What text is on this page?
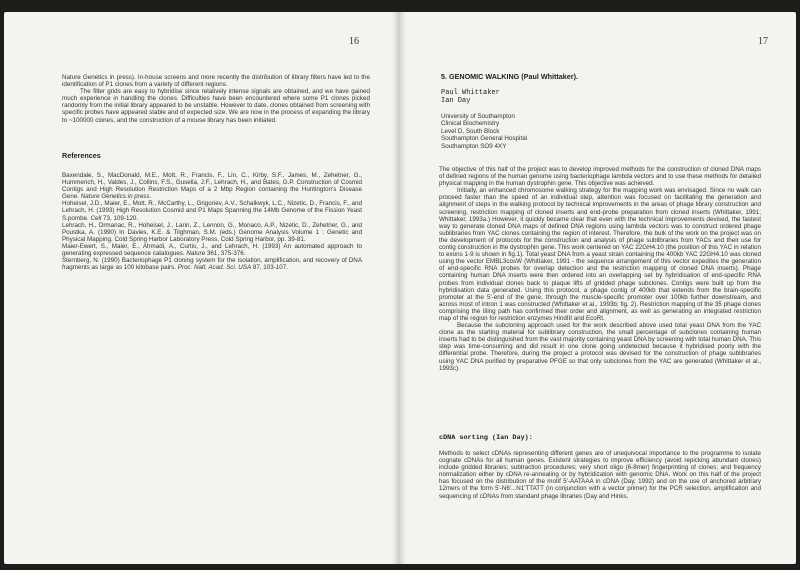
16

Nature Genetics in press). In-house screens and more recently the distribution of library filters have led to the identification of P1 clones from a variety of different regions.

The filter grids are easy to hybridise since relatively intense signals are obtained, and we have gained much experience in handling the clones. Difficulties have been encountered where some P1 clones picked randomly from the initial library appeared to be unstable. However to date, clones obtained from screening with specific probes have appeared stable and of expected size. We are now in the process of expanding the library to ~100000 clones, and the construction of a mouse library has been initiated.

References

Baxendale, S., MacDonald, M.E., Mott, R., Francis, F., Lin, C., Kirby, S.F., James, M., Zehetner, G., Hummerich, H., Valdes, J., Collins, F.S., Gusella, J.F., Lehrach, H., and Bates, G.P. Construction of Cosmid Contigs and High Resolution Restriction Maps of a 2 Mbp Region containing the Huntington's Disease Gene. Nature Genetics in press.

Hoheisel, J.D., Maier, E., Mott, R., McCarthy, L., Grigoriev, A.V., Schalkwyk, L.C., Nizetic, D., Francis, F., and Lehrach, H. (1993) High Resolution Cosmid and P1 Maps Spanning the 14Mb Genome of the Fission Yeast S.pombe. Cell 73, 109-120.

Lehrach, H., Drmanac, R., Hoheisel, J., Larin, Z., Lennon, G., Monaco, A.P., Nizetic, D., Zehetner, G., and Poustka, A. (1990) In Davies, K.E. & Tilghman, S.M. (eds.) Genome Analysis Volume 1 : Genetic and Physical Mapping. Cold Spring Harbor Laboratory Press, Cold Spring Harbor, pp. 39-81.

Maier-Ewert, S., Maier, E., Ahmadi, A., Curtis, J., and Lehrach, H. (1993) An automated approach to generating expressed sequence catalogues. Nature 361, 375-376.

Sternberg, N. (1990) Bacteriophage P1 cloning system for the isolation, amplification, and recovery of DNA fragments as large as 100 kilobase pairs. Proc. Natl. Acad. Sci. USA 87, 103-107.

17
5. GENOMIC WALKING (Paul Whittaker).
Paul Whittaker
Ian Day
University of Southampton
Clinical Biochemistry
Level D, South Block
Southampton General Hospital
Southampton SO9 4XY

The objective of this half of the project was to develop improved methods for the construction of cloned DNA maps of defined regions of the human genome using bacteriophage lambda vectors and to use these methods for detailed physical mapping in the human dystrophin gene. This objective was achieved.

Initially, an enhanced chromosome walking strategy for the mapping work was envisaged. Since no walk can proceed faster than the speed of an individual step, attention was focused on facilitating the generation and alignment of steps in the walking protocol by technical improvements in the areas of phage library construction and screening, restriction mapping of cloned inserts and end-probe preparation from cloned inserts (Whittaker, 1991; Whittaker, 1993a.) However, it quickly became clear that even with the technical improvements devised, the fastest way to generate cloned DNA maps of defined DNA regions using lambda vectors was to construct ordered phage sublibraries from YAC clones containing the region of interest. Therefore, the bulk of the work on the project was on the development of protocols for the construction and analysis of phage sublibraries from YACs and their use for contig construction in the dystrophin gene. This work centered on YAC 22GH4.10 (the position of this YAC in relation to exons 1-9 is shown in fig.1). Total yeast DNA from a yeast strain containing the 400kb YAC 22GH4.10 was cloned using the vector EMBL3cosW (Whittaker, 1991 - the sequence arrangement of this vector expedites the generation of end-specific RNA probes for overlap detection and the restriction mapping of cloned DNA inserts). Phage containing human DNA inserts were then ordered into an overlapping set by hybridisation of end-specific RNA probes from individual clones back to plaque lifts of gridded phage subclones. Contigs were built up from the hybridisation data generated. Using this protocol, a phage contig of 400kb that extends from the brain-specific promoter at the 5'-end of the gene, through the muscle-specific promoter over 100kb further downstream, and across most of intron 1 was constructed (Whittaker et al., 1993b; fig. 2). Restriction mapping of the 35 phage clones comprising the tiling path has confirmed their order and alignment, as well as generating an integrated restriction map of the region for restriction enzymes HindIII and EcoRI.

Because the subcloning approach used for the work described above used total yeast DNA from the YAC clone as the starting material for sublibrary construction, the small percentage of subclones containing human inserts had to be distinguished from the vast majority containing yeast DNA by screening with total human DNA. This step was time-consuming and did result in one clone going undetected because it hybridised poorly with the differential probe. Therefore, during the project a protocol was devised for the construction of phage sublibraries using YAC DNA purified by preparative PFGE so that only subclones from the YAC are generated (Whittaker et al., 1993c).

cDNA sorting (Ian Day):

Methods to select cDNAs representing different genes are of unequivocal importance to the programme to isolate cognate cDNAs for all human genes. Existent strategies to improve efficiency (avoid repicking abundant clones) include gridded libraries; subtraction procedures; very short oligo (6-8mer) fingerprinting of clones; and frequency normalization either by cDNA re-annealing or by hybridization with genomic DNA. Work on this half of the project has focused on the distribution of the motif 5'-AATAAA in cDNA (Day, 1992) and on the use of anchored arbitrary 12mers of the form 5'-N6'...N1'TTATT (in conjunction with a vector primer) for the PCR selection, amplification and sequencing of cDNAs from standard phage libraries (Day and Hinks,
